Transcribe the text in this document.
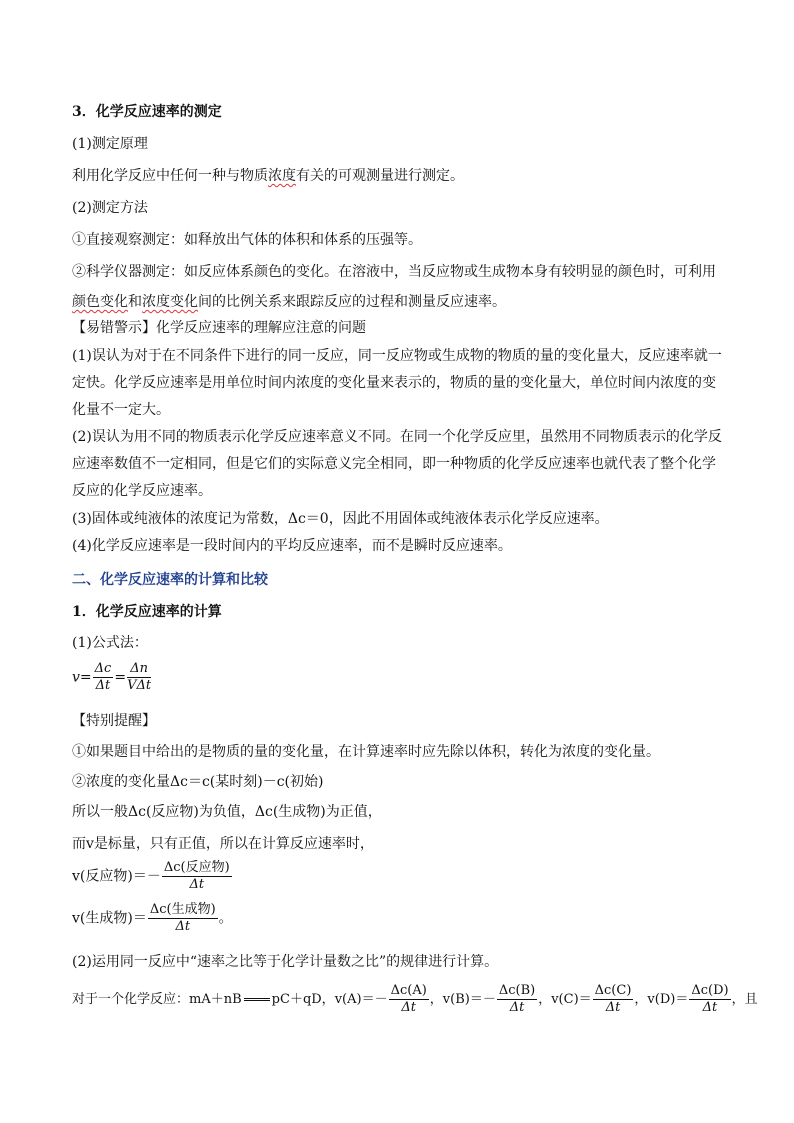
3．化学反应速率的测定
(1)测定原理
利用化学反应中任何一种与物质浓度有关的可观测量进行测定。
(2)测定方法
①直接观察测定：如释放出气体的体积和体系的压强等。
②科学仪器测定：如反应体系颜色的变化。在溶液中，当反应物或生成物本身有较明显的颜色时，可利用
颜色变化和浓度变化间的比例关系来跟踪反应的过程和测量反应速率。
【易错警示】化学反应速率的理解应注意的问题
(1)误认为对于在不同条件下进行的同一反应，同一反应物或生成物的物质的量的变化量大，反应速率就一
定快。化学反应速率是用单位时间内浓度的变化量来表示的，物质的量的变化量大，单位时间内浓度的变
化量不一定大。
(2)误认为用不同的物质表示化学反应速率意义不同。在同一个化学反应里，虽然用不同物质表示的化学反
应速率数值不一定相同，但是它们的实际意义完全相同，即一种物质的化学反应速率也就代表了整个化学
反应的化学反应速率。
(3)固体或纯液体的浓度记为常数，Δc＝0，因此不用固体或纯液体表示化学反应速率。
(4)化学反应速率是一段时间内的平均反应速率，而不是瞬时反应速率。
二、化学反应速率的计算和比较
1．化学反应速率的计算
(1)公式法：
$v= \frac{\Delta c}{\Delta t} = \frac{\Delta n}{\text{VΔt}}$
【特别提醒】
①如果题目中给出的是物质的量的变化量，在计算速率时应先除以体积，转化为浓度的变化量。
②浓度的变化量Δc＝c(某时刻)－c(初始)
所以一般Δc(反应物)为负值，Δc(生成物)为正值，
而v是标量，只有正值，所以在计算反应速率时，
v(反应物)＝－ $\frac{\text{Δc(反应物)}}{\Delta t}$
v(生成物)＝ $\frac{\text{Δc(生成物)}}{\Delta t}$ 。
(2)运用同一反应中“速率之比等于化学计量数之比”的规律进行计算。
对于一个化学反应：mA＋nB pC＋qD，$v(A)=- \frac{\Delta c(A)}{\Delta t}$ ，$v(B)=- \frac{\Delta c(B)}{\Delta t}$ ，$v(C)= \frac{\Delta c(C)}{\Delta t}$ ，$v(D)= \frac{\Delta c(D)}{\Delta t}$ ，且
